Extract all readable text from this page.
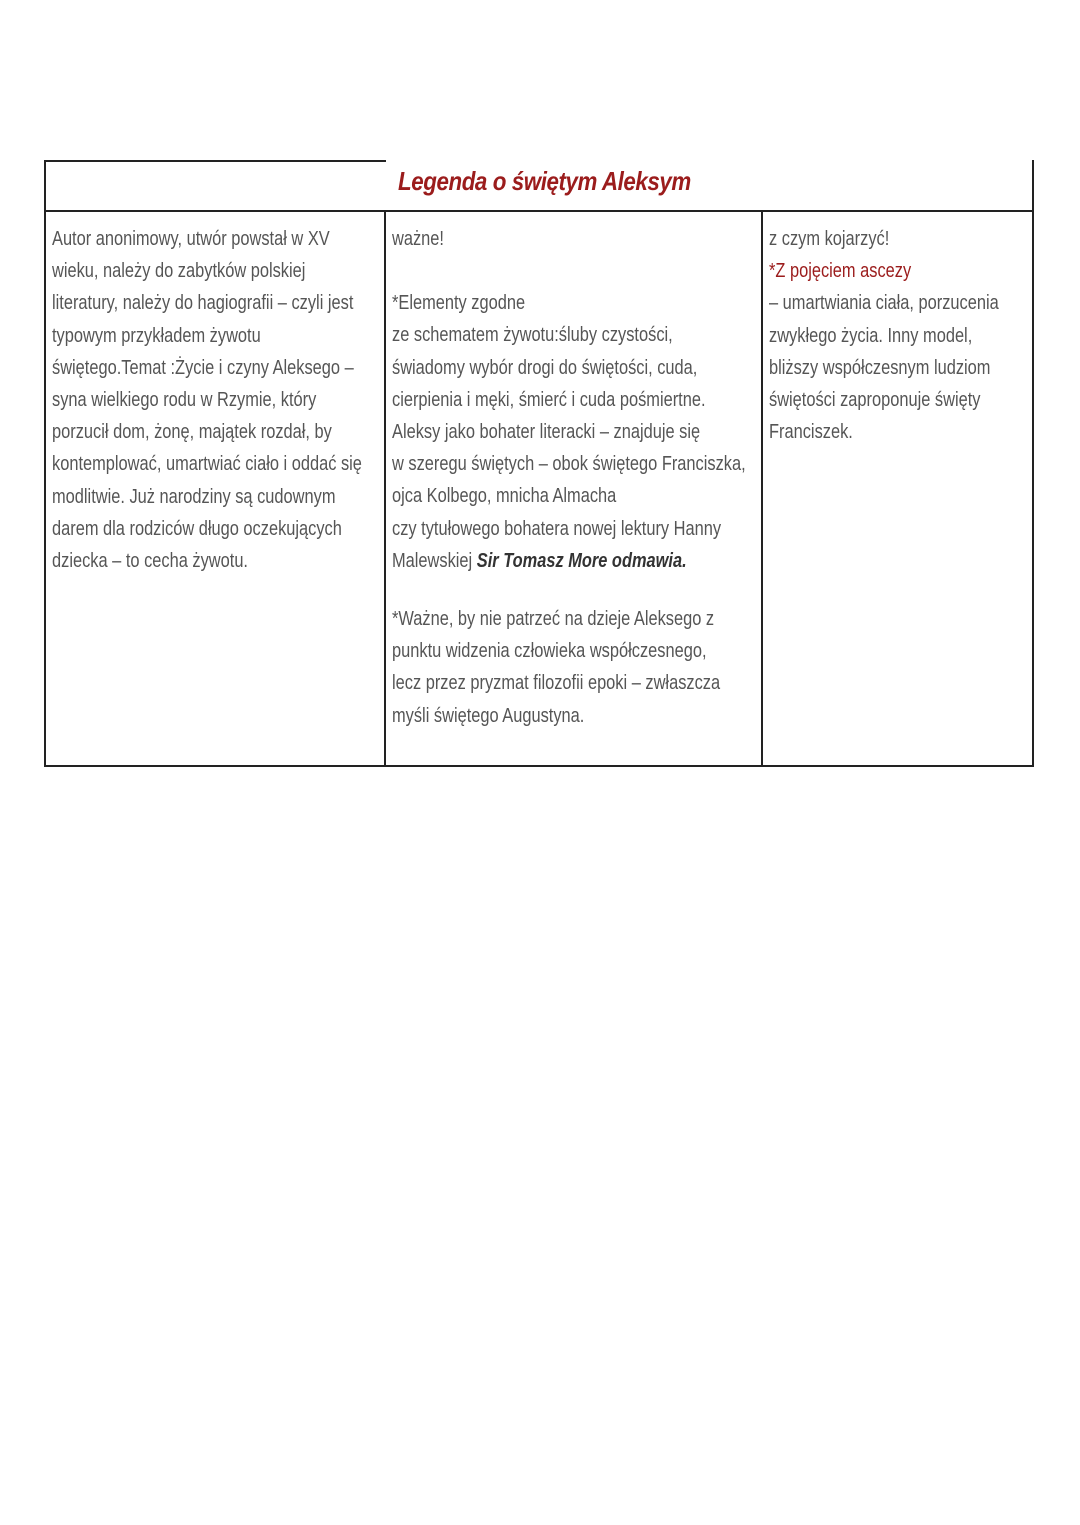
Legenda o świętym Aleksym

Autor anonimowy, utwór powstał w XV

wieku, należy do zabytków polskiej

literatury, należy do hagiografii – czyli jest

typowym przykładem żywotu

świętego.Temat :Życie i czyny Aleksego –

syna wielkiego rodu w Rzymie, który

porzucił dom, żonę, majątek rozdał, by

kontemplować, umartwiać ciało i oddać się

modlitwie. Już narodziny są cudownym

darem dla rodziców długo oczekujących

dziecka – to cecha żywotu.

ważne!

*Elementy zgodne

ze schematem żywotu:śluby czystości,

świadomy wybór drogi do świętości, cuda,

cierpienia i męki, śmierć i cuda pośmiertne.

Aleksy jako bohater literacki – znajduje się

w szeregu świętych – obok świętego Franciszka,

ojca Kolbego, mnicha Almacha

czy tytułowego bohatera nowej lektury Hanny

Malewskiej Sir Tomasz More odmawia.

*Ważne, by nie patrzeć na dzieje Aleksego z

punktu widzenia człowieka współczesnego,

lecz przez pryzmat filozofii epoki – zwłaszcza

myśli świętego Augustyna.

z czym kojarzyć!

*Z pojęciem ascezy

– umartwiania ciała, porzucenia

zwykłego życia. Inny model,

bliższy współczesnym ludziom

świętości zaproponuje święty

Franciszek.
